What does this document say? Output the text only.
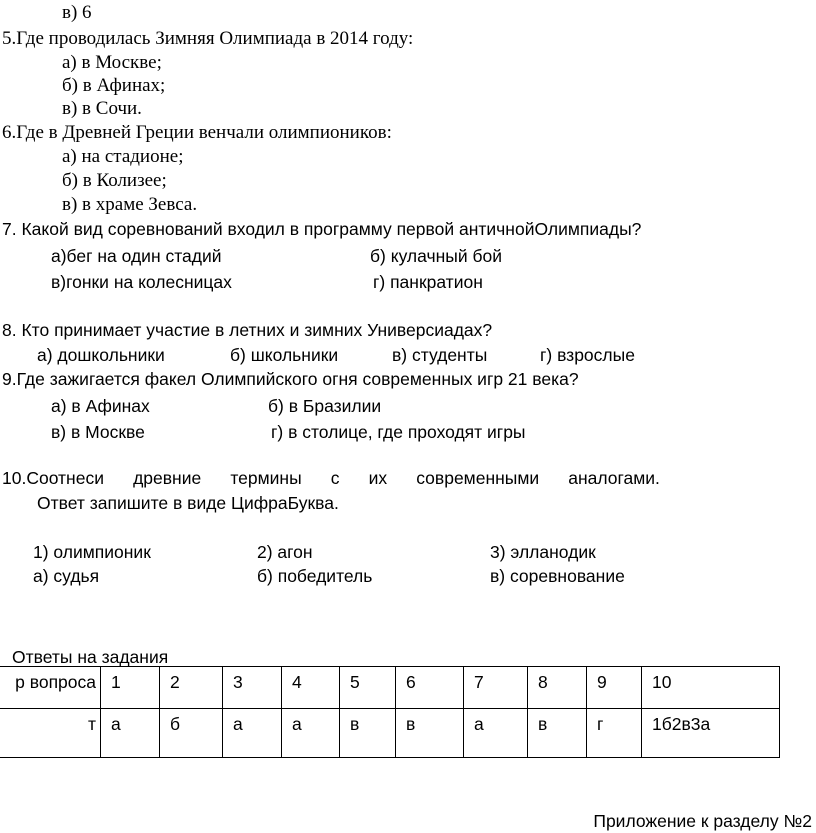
в) 6
5.Где проводилась Зимняя Олимпиада в 2014 году:
а) в Москве;
б) в Афинах;
в) в Сочи.
6.Где в Древней Греции венчали олимпиоников:
а) на стадионе;
б) в Колизее;
в) в храме Зевса.
7. Какой вид соревнований входил в программу первой античнойОлимпиады?
а)бег на один стадий	б) кулачный бой
в)гонки на колесницах	г) панкратион
8. Кто принимает участие в летних и зимних Универсиадах?
а) дошкольники	б) школьники	в) студенты	г) взрослые
9.Где зажигается факел Олимпийского огня современных игр 21 века?
а) в Афинах	б) в Бразилии
в) в Москве	г) в столице, где проходят игры
10.Соотнеси древние термины с их современными аналогами.
Ответ запишите в виде ЦифраБуква.
1) олимпионик	2) агон	3) элланодик
а) судья	б) победитель	в) соревнование
Ответы на задания
р вопроса	1	2	3	4	5	6	7	8	9	10
т	а	б	а	а	в	в	а	в	г	1б2в3а
Приложение к разделу №2
